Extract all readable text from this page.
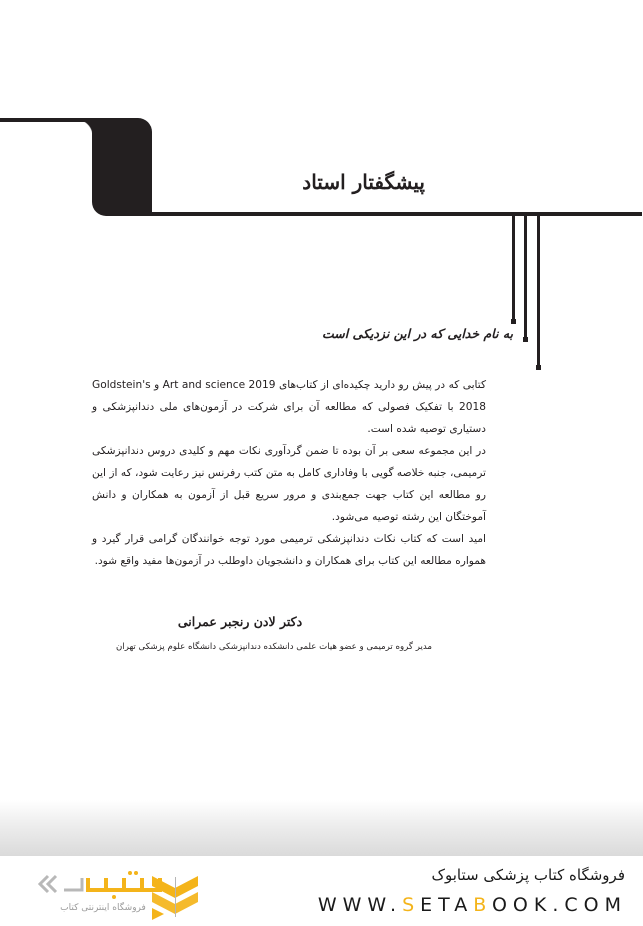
پیشگفتار استاد
به نام خدایی که در این نزدیکی است

کتابی که در پیش رو دارید چکیده‌ای از کتاب‌های Art and science 2019 و Goldstein's 2018 با تفکیک فصولی که مطالعه آن برای شرکت در آزمون‌های ملی دندانپزشکی و دستیاری توصیه شده است.

در این مجموعه سعی بر آن بوده تا ضمن گردآوری نکات مهم و کلیدی دروس دندانپزشکی ترمیمی، جنبه خلاصه گویی با وفاداری کامل به متن کتب رفرنس نیز رعایت شود، که از این رو مطالعه این کتاب جهت جمع‌بندی و مرور سریع قبل از آزمون به همکاران و دانش آموختگان این رشته توصیه می‌شود.

امید است که کتاب نکات دندانپزشکی ترمیمی مورد توجه خوانندگان گرامی قرار گیرد و همواره مطالعه این کتاب برای همکاران و دانشجویان داوطلب در آزمون‌ها مفید واقع شود.

دکتر لادن رنجبر عمرانی
مدیر گروه ترمیمی و عضو هیات علمی دانشکده دندانپزشکی دانشگاه علوم پزشکی تهران
فروشگاه کتاب پزشکی ستابوک
WWW.SETABOOK.COM
فروشگاه اینترنتی کتاب
